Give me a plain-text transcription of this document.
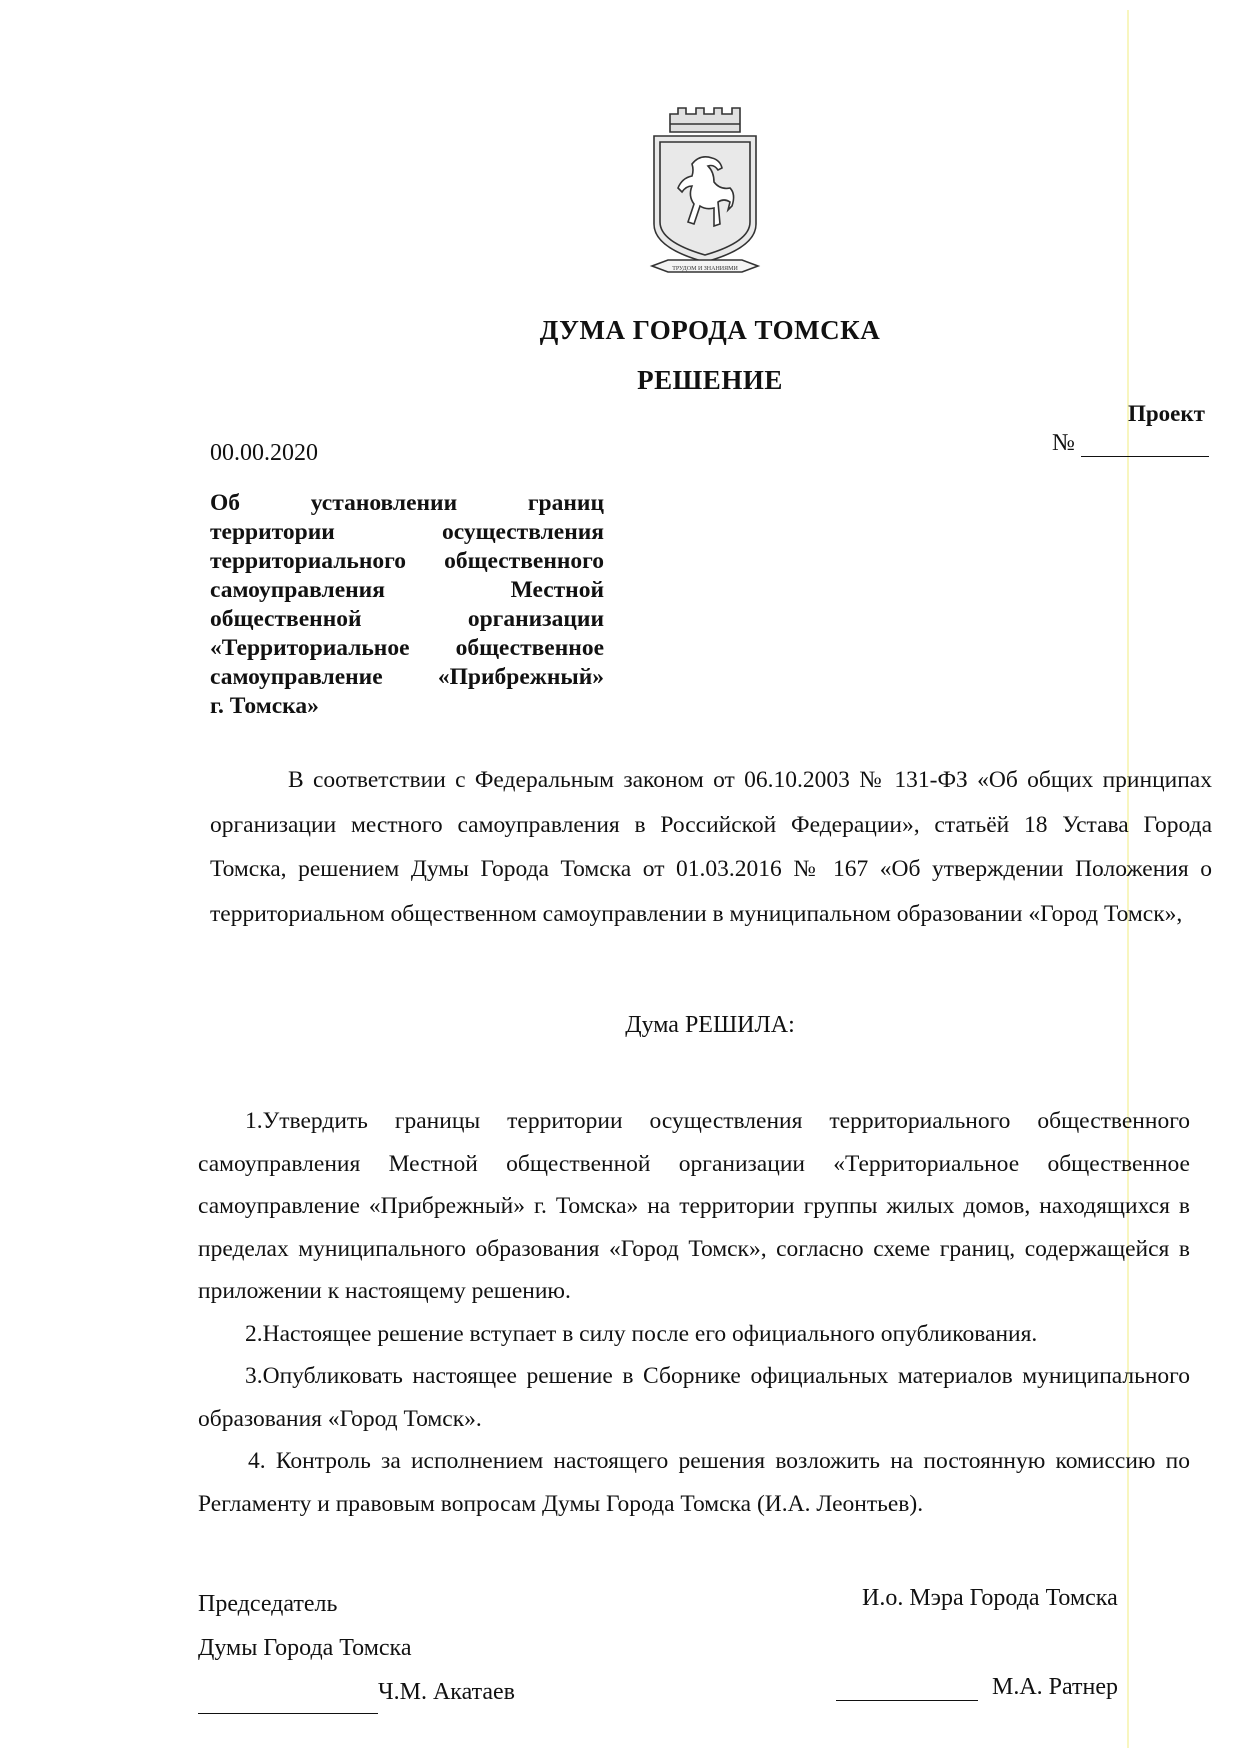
ТРУДОМ И ЗНАНИЯМИ
ДУМА ГОРОДА ТОМСКА
РЕШЕНИЕ
Проект
№
00.00.2020
Об установлении границ
территории осуществления
территориального общественного
самоуправления Местной
общественной организации
«Территориальное общественное
самоуправление «Прибрежный»
г. Томска»

В соответствии с Федеральным законом от 06.10.2003 № 131-ФЗ «Об общих принципах организации местного самоуправления в Российской Федерации», статьёй 18 Устава Города Томска, решением Думы Города Томска от 01.03.2016 № 167 «Об утверждении Положения о территориальном общественном самоуправлении в муниципальном образовании «Город Томск»,

Дума РЕШИЛА:

1.Утвердить границы территории осуществления территориального общественного самоуправления Местной общественной организации «Территориальное общественное самоуправление «Прибрежный» г. Томска» на территории группы жилых домов, находящихся в пределах муниципального образования «Город Томск», согласно схеме границ, содержащейся в приложении к настоящему решению.

2.Настоящее решение вступает в силу после его официального опубликования.

3.Опубликовать настоящее решение в Сборнике официальных материалов муниципального образования «Город Томск».

4. Контроль за исполнением настоящего решения возложить на постоянную комиссию по Регламенту и правовым вопросам Думы Города Томска (И.А. Леонтьев).

Председатель
Думы Города Томска
Ч.М. Акатаев
И.о. Мэра Города Томска
М.А. Ратнер
